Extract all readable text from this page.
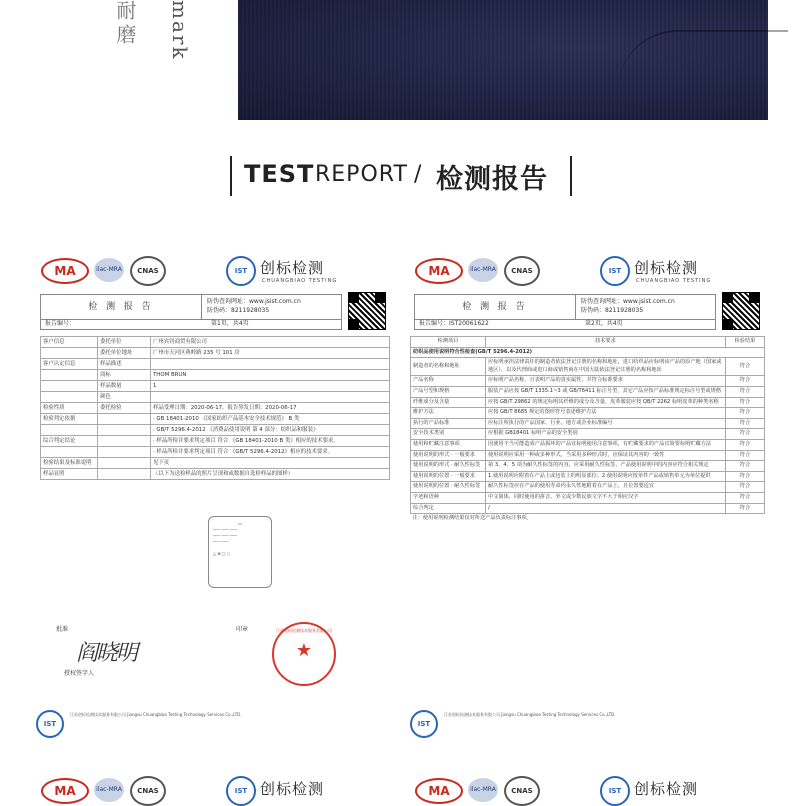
耐磨 mark
TEST REPORT / 检测报告
MA	ilac-MRA	CNAS	IST 创标检测
CHUANGBIAO TESTING
检 测 报 告
防伪查询网址：www.jsist.com.cn
防伪码：8211928035
报告编号：	第1页，共4页
客户信息	委托单位	广州宾钊商贸有限公司
	委托单位地址	广州市天河区燕岭路 235 号 101 房
客户认定信息	样品描述	
	商标	THOM BRUN
	样品数量	1
	颜色	
检验性质	委托检验	样品受理日期：2020-06-17，报告签发日期：2020-06-17
检验判定依据		· GB 18401-2010 《国家纺织产品基本安全技术规范》 B 类
		· GB/T 5296.4-2012 《消费品使用说明 第 4 部分：纺织品和服装》
综合判定结论		· 样品所检并要求判定项目 符合 《GB 18401-2010 B 类》相应的技术要求。
		· 样品所检并要求判定项目 符合 《GB/T 5296.4-2012》相应的技术要求。
检验结果及标准说明		见下页
样品显照		（以下为送检样品的照片呈现和或数据自选检样品的图样）
▭
─── ─── ───
─── ─── ───
─── ───
△ ⊠ ◻ ○
批准
阎晓明
授权签字人
印章	江苏创标检测技术服务有限公司
★
IST
江苏创标检测技术服务有限公司 Jiangsu Chuangbiao Testing Technology Services Co.,LTD.
MA	ilac-MRA	CNAS	IST 创标检测
CHUANGBIAO TESTING
检 测 报 告
防伪查询网址：www.jsist.com.cn
防伪码：8211928035
报告编号：IST20061622	第2页，共4页
检测项目	技术要求	检验结果
纺织品使用说明符合性检查(GB/T 5296.4-2012)		
制造者的名称和地址	应标明承担法律责任的制造者依法登记注册的名称和地址，进口纺织品应标明该产品的原产地（国家或地区），以及代理商或进口商或销售商在中国大陆依法登记注册的名称和地址	符合
产品名称	应标明产品名称，且表明产品的真实属性，并符合标准要求	符合
产品号型和规格	服装产品应按 GB/T 1335.1~3 或 GB/T6411 标注号型，其它产品应按产品标准规定标注号型或规格	符合
纤维成分及含量	应按 GB/T 29862 的规定标明其纤维的成分及含量，皮革服装应按 QB/T 2262 标明皮革的种类名称	符合
维护方法	应按 GB/T 8685 规定的图形符号表述维护方法	符合
执行的产品标准	应标注所执行的产品国家、行业、地方或企业标准编号	符合
安全技术类别	应根据 GB18401 标明产品的安全类别	符合
使用和贮藏注意事项	因使用不当可能造成产品损坏的产品宜标明使用注意事项，有贮藏要求的产品宜简要标明贮藏方法	符合
使用说明的形式 · 一般要求	使用说明应采用一种或多种形式，当采用多种形式时，应保证其内容的一致性	符合
使用说明的形式 · 耐久性标签	第 3、4、5 项为耐久性标签的内容，应采用耐久性标签，产品使用说明中的内容应符合相关规定	符合
使用说明的位置 · 一般要求	1.使用说明应附着在产品上或包装上的明显部位；2.使用说明应按单件产品或销售单元为单位提供	符合
使用说明的位置 · 耐久性标签	耐久性标签应在产品的使用寿命内永久性地附着在产品上，且位置要适宜	符合
字迹和语种	中文简体，同时使用的拼音、外文或少数民族文字不大于相应汉字	符合
综合判定	/	符合
注：使用说明检测结果仅对所送产品负责标注事项。		
IST
江苏创标检测技术服务有限公司 Jiangsu Chuangbiao Testing Technology Services Co.,LTD.
MA	ilac-MRA	CNAS	IST 创标检测	MA	ilac-MRA	CNAS	IST 创标检测
